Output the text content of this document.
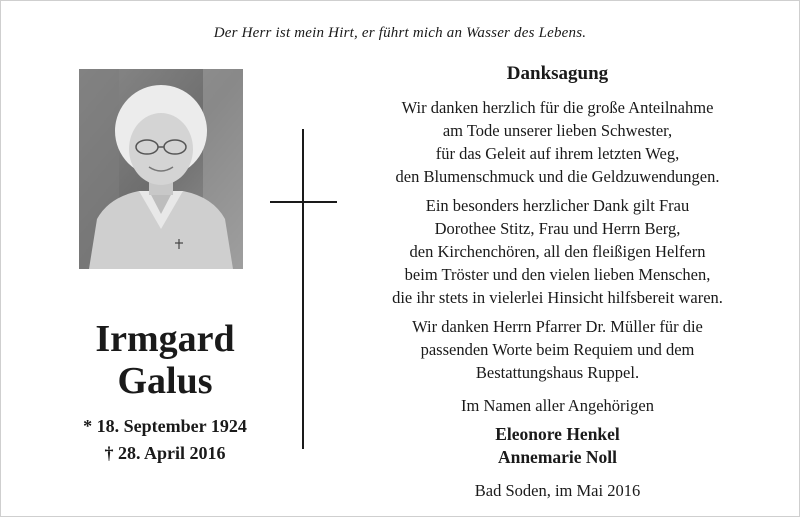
Der Herr ist mein Hirt, er führt mich an Wasser des Lebens.
Irmgard
Galus
* 18. September 1924
† 28. April 2016
Danksagung
Wir danken herzlich für die große Anteilnahme
am Tode unserer lieben Schwester,
für das Geleit auf ihrem letzten Weg,
den Blumenschmuck und die Geldzuwendungen.
Ein besonders herzlicher Dank gilt Frau
Dorothee Stitz, Frau und Herrn Berg,
den Kirchenchören, all den fleißigen Helfern
beim Tröster und den vielen lieben Menschen,
die ihr stets in vielerlei Hinsicht hilfsbereit waren.
Wir danken Herrn Pfarrer Dr. Müller für die
passenden Worte beim Requiem und dem
Bestattungshaus Ruppel.
Im Namen aller Angehörigen
Eleonore Henkel
Annemarie Noll
Bad Soden, im Mai 2016
